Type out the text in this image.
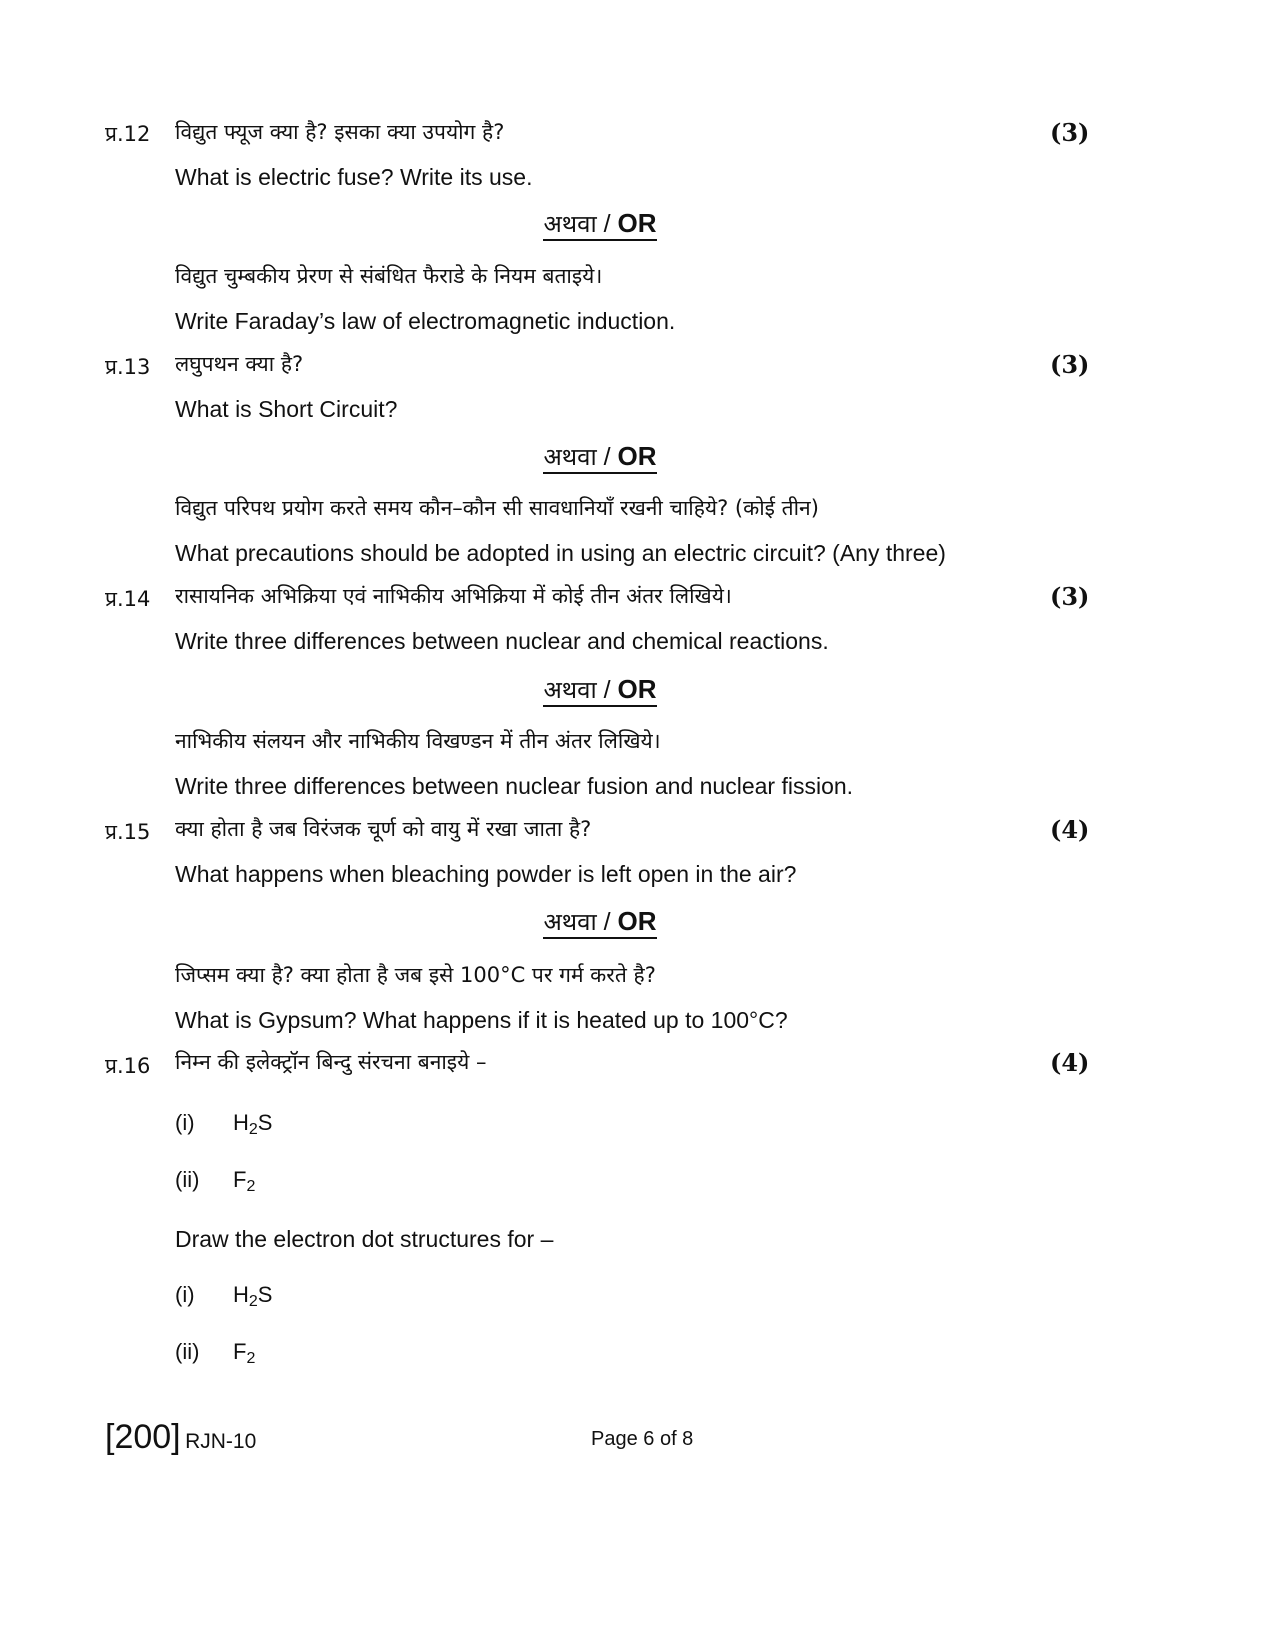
प्र.12 विद्युत फ्यूज क्या है? इसका क्या उपयोग है?	(3)
What is electric fuse? Write its use.
अथवा / OR
विद्युत चुम्बकीय प्रेरण से संबंधित फैराडे के नियम बताइये।
Write Faraday’s law of electromagnetic induction.
प्र.13 लघुपथन क्या है?	(3)
What is Short Circuit?
अथवा / OR
विद्युत परिपथ प्रयोग करते समय कौन–कौन सी सावधानियाँ रखनी चाहिये? (कोई तीन)
What precautions should be adopted in using an electric circuit? (Any three)
प्र.14 रासायनिक अभिक्रिया एवं नाभिकीय अभिक्रिया में कोई तीन अंतर लिखिये।	(3)
Write three differences between nuclear and chemical reactions.
अथवा / OR
नाभिकीय संलयन और नाभिकीय विखण्डन में तीन अंतर लिखिये।
Write three differences between nuclear fusion and nuclear fission.
प्र.15 क्या होता है जब विरंजक चूर्ण को वायु में रखा जाता है?	(4)
What happens when bleaching powder is left open in the air?
अथवा / OR
जिप्सम क्या है? क्या होता है जब इसे 100°C पर गर्म करते है?
What is Gypsum? What happens if it is heated up to 100°C?
प्र.16 निम्न की इलेक्ट्रॉन बिन्दु संरचना बनाइये –	(4)
(i) $H_2S$
(ii) $F_2$
Draw the electron dot structures for –
(i) $H_2S$
(ii) $F_2$
[200] RJN-10	Page 6 of 8
